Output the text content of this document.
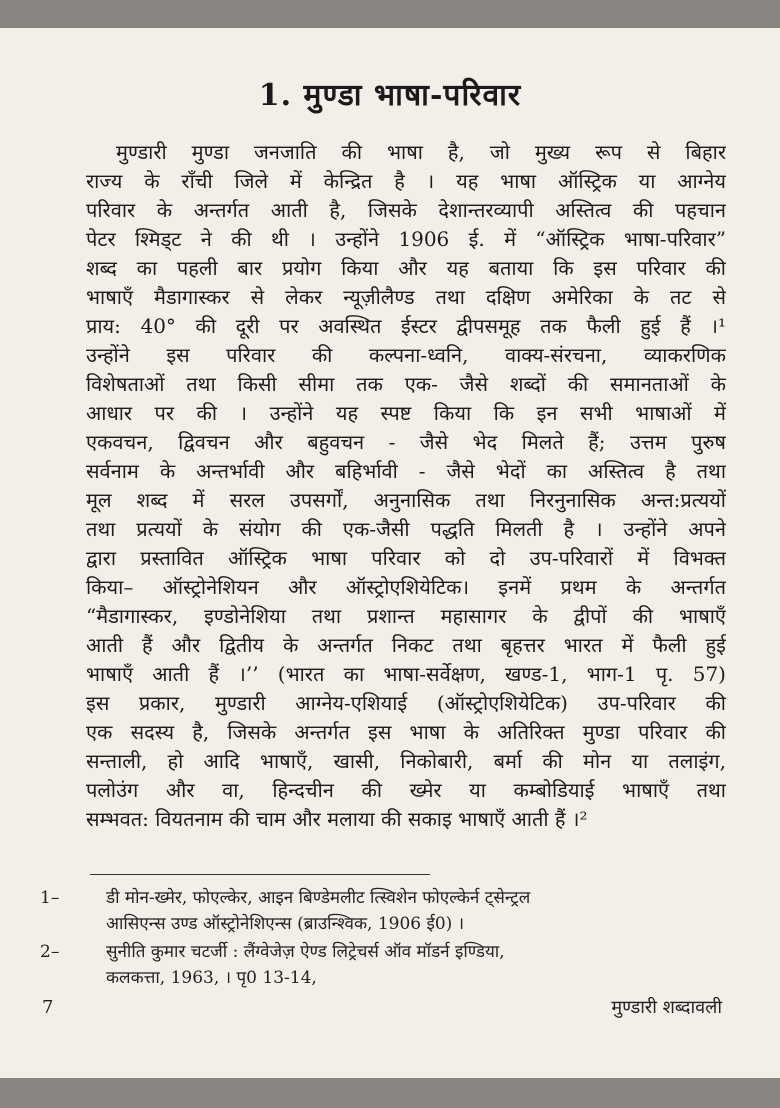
1. मुण्डा भाषा-परिवार
मुण्डारी मुण्डा जनजाति की भाषा है, जो मुख्य रूप से बिहार
राज्य के राँची जिले में केन्द्रित है । यह भाषा ऑस्ट्रिक या आग्नेय
परिवार के अन्तर्गत आती है, जिसके देशान्तरव्यापी अस्तित्व की पहचान
पेटर श्मिड्ट ने की थी । उन्होंने 1906 ई. में “ऑस्ट्रिक भाषा-परिवार”
शब्द का पहली बार प्रयोग किया और यह बताया कि इस परिवार की
भाषाएँ मैडागास्कर से लेकर न्यूज़ीलैण्ड तथा दक्षिण अमेरिका के तट से
प्राय: 40° की दूरी पर अवस्थित ईस्टर द्वीपसमूह तक फैली हुई हैं ।¹
उन्होंने इस परिवार की कल्पना-ध्वनि, वाक्य-संरचना, व्याकरणिक
विशेषताओं तथा किसी सीमा तक एक- जैसे शब्दों की समानताओं के
आधार पर की । उन्होंने यह स्पष्ट किया कि इन सभी भाषाओं में
एकवचन, द्विवचन और बहुवचन - जैसे भेद मिलते हैं; उत्तम पुरुष
सर्वनाम के अन्तर्भावी और बहिर्भावी - जैसे भेदों का अस्तित्व है तथा
मूल शब्द में सरल उपसर्गों, अनुनासिक तथा निरनुनासिक अन्त:प्रत्ययों
तथा प्रत्ययों के संयोग की एक-जैसी पद्धति मिलती है । उन्होंने अपने
द्वारा प्रस्तावित ऑस्ट्रिक भाषा परिवार को दो उप-परिवारों में विभक्त
किया– ऑस्ट्रोनेशियन और ऑस्ट्रोएशियेटिक। इनमें प्रथम के अन्तर्गत
“मैडागास्कर, इण्डोनेशिया तथा प्रशान्त महासागर के द्वीपों की भाषाएँ
आती हैं और द्वितीय के अन्तर्गत निकट तथा बृहत्तर भारत में फैली हुई
भाषाएँ आती हैं ।’’ (भारत का भाषा-सर्वेक्षण, खण्ड-1, भाग-1 पृ. 57)
इस प्रकार, मुण्डारी आग्नेय-एशियाई (ऑस्ट्रोएशियेटिक) उप-परिवार की
एक सदस्य है, जिसके अन्तर्गत इस भाषा के अतिरिक्त मुण्डा परिवार की
सन्ताली, हो आदि भाषाएँ, खासी, निकोबारी, बर्मा की मोन या तलाइंग,
पलोउंग और वा, हिन्दचीन की ख्मेर या कम्बोडियाई भाषाएँ तथा
सम्भवत: वियतनाम की चाम और मलाया की सकाइ भाषाएँ आती हैं ।²
1–	डी मोन-ख्मेर, फोएल्केर, आइन बिण्डेमलीट त्स्विशेन फोएल्केर्न ट्सेन्ट्रल
आसिएन्स उण्ड ऑस्ट्रोनेशिएन्स (ब्राउन्श्विक, 1906 ई0) ।
2–	सुनीति कुमार चटर्जी : लैंग्वेजेज़ ऐण्ड लिट्रेचर्स ऑव मॉडर्न इण्डिया,
कलकत्ता, 1963, । पृ0 13-14,
7	मुण्डारी शब्दावली
